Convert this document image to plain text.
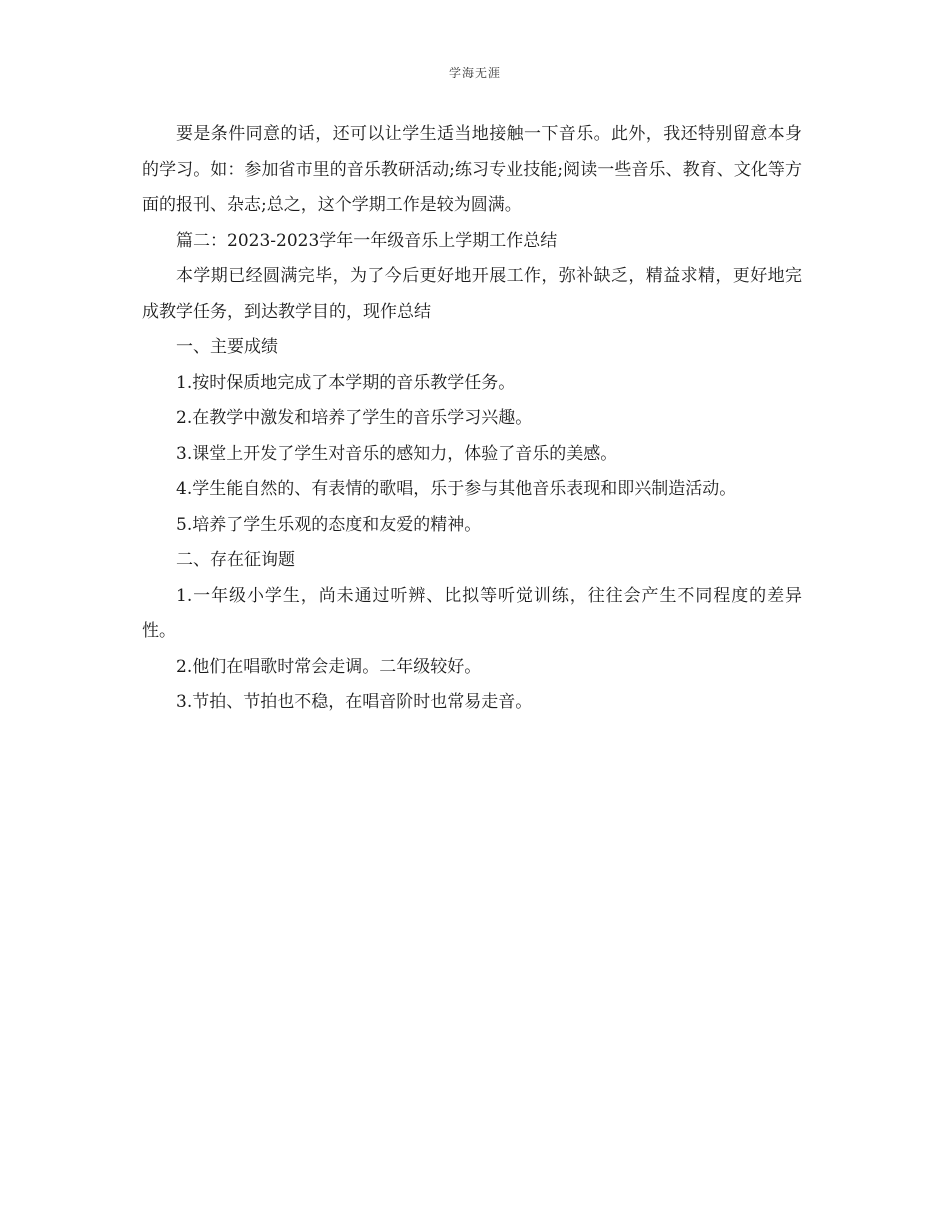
学海无涯

要是条件同意的话，还可以让学生适当地接触一下音乐。此外，我还特别留意本身的学习。如：参加省市里的音乐教研活动;练习专业技能;阅读一些音乐、教育、文化等方面的报刊、杂志;总之，这个学期工作是较为圆满。

篇二：2023-2023学年一年级音乐上学期工作总结

本学期已经圆满完毕，为了今后更好地开展工作，弥补缺乏，精益求精，更好地完成教学任务，到达教学目的，现作总结

一、主要成绩

1.按时保质地完成了本学期的音乐教学任务。

2.在教学中激发和培养了学生的音乐学习兴趣。

3.课堂上开发了学生对音乐的感知力，体验了音乐的美感。

4.学生能自然的、有表情的歌唱，乐于参与其他音乐表现和即兴制造活动。

5.培养了学生乐观的态度和友爱的精神。

二、存在征询题

1.一年级小学生，尚未通过听辨、比拟等听觉训练，往往会产生不同程度的差异性。

2.他们在唱歌时常会走调。二年级较好。

3.节拍、节拍也不稳，在唱音阶时也常易走音。
